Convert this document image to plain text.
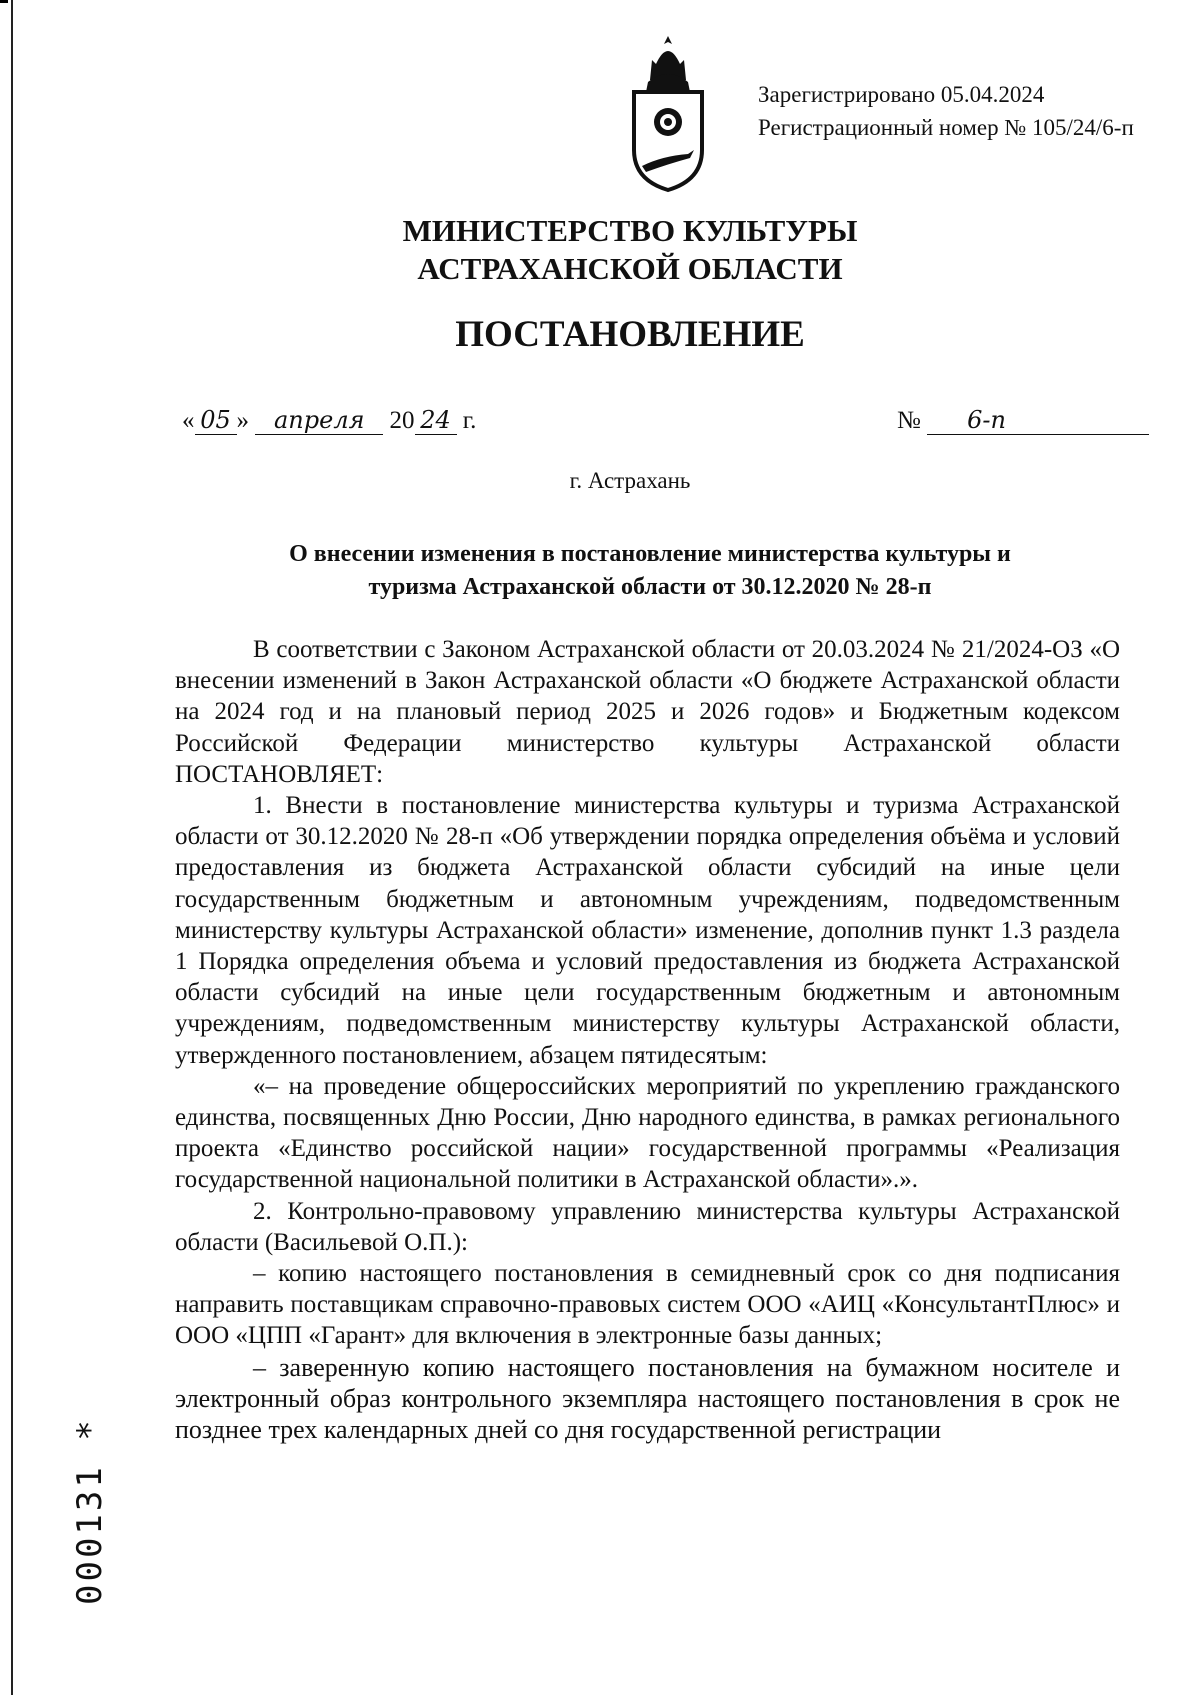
Зарегистрировано 05.04.2024
Регистрационный номер № 105/24/6-п
МИНИСТЕРСТВО КУЛЬТУРЫ
АСТРАХАНСКОЙ ОБЛАСТИ
ПОСТАНОВЛЕНИЕ
« 05 » апреля 20 24 г.	№ 6-п
г. Астрахань
О внесении изменения в постановление министерства культуры и
туризма Астраханской области от 30.12.2020 № 28-п

В соответствии с Законом Астраханской области от 20.03.2024 № 21/2024-ОЗ «О внесении изменений в Закон Астраханской области «О бюджете Астраханской области на 2024 год и на плановый период 2025 и 2026 годов» и Бюджетным кодексом Российской Федерации министерство культуры Астраханской области ПОСТАНОВЛЯЕТ:

1. Внести в постановление министерства культуры и туризма Астраханской области от 30.12.2020 № 28-п «Об утверждении порядка определения объёма и условий предоставления из бюджета Астраханской области субсидий на иные цели государственным бюджетным и автономным учреждениям, подведомственным министерству культуры Астраханской области» изменение, дополнив пункт 1.3 раздела 1 Порядка определения объема и условий предоставления из бюджета Астраханской области субсидий на иные цели государственным бюджетным и автономным учреждениям, подведомственным министерству культуры Астраханской области, утвержденного постановлением, абзацем пятидесятым:

«– на проведение общероссийских мероприятий по укреплению гражданского единства, посвященных Дню России, Дню народного единства, в рамках регионального проекта «Единство российской нации» государственной программы «Реализация государственной национальной политики в Астраханской области».».

2. Контрольно-правовому управлению министерства культуры Астраханской области (Васильевой О.П.):

– копию настоящего постановления в семидневный срок со дня подписания направить поставщикам справочно-правовых систем ООО «АИЦ «КонсультантПлюс» и ООО «ЦПП «Гарант» для включения в электронные базы данных;

– заверенную копию настоящего постановления на бумажном носителе и электронный образ контрольного экземпляра настоящего постановления в срок не позднее трех календарных дней со дня государственной регистрации

000131 *
